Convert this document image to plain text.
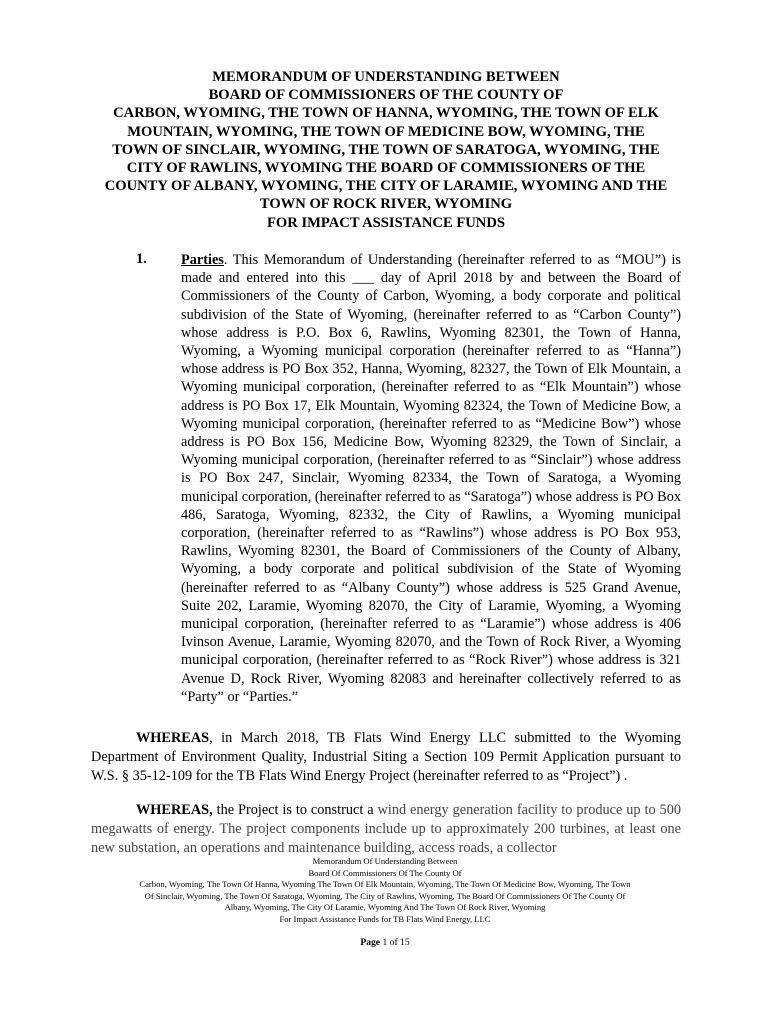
MEMORANDUM OF UNDERSTANDING BETWEEN
BOARD OF COMMISSIONERS OF THE COUNTY OF
CARBON, WYOMING, THE TOWN OF HANNA, WYOMING, THE TOWN OF ELK
MOUNTAIN, WYOMING, THE TOWN OF MEDICINE BOW, WYOMING, THE
TOWN OF SINCLAIR, WYOMING, THE TOWN OF SARATOGA, WYOMING, THE
CITY OF RAWLINS, WYOMING THE BOARD OF COMMISSIONERS OF THE
COUNTY OF ALBANY, WYOMING, THE CITY OF LARAMIE, WYOMING AND THE
TOWN OF ROCK RIVER, WYOMING
FOR IMPACT ASSISTANCE FUNDS
1. Parties. This Memorandum of Understanding (hereinafter referred to as “MOU”) is made and entered into this ___ day of April 2018 by and between the Board of Commissioners of the County of Carbon, Wyoming, a body corporate and political subdivision of the State of Wyoming, (hereinafter referred to as “Carbon County”) whose address is P.O. Box 6, Rawlins, Wyoming 82301, the Town of Hanna, Wyoming, a Wyoming municipal corporation (hereinafter referred to as “Hanna”) whose address is PO Box 352, Hanna, Wyoming, 82327, the Town of Elk Mountain, a Wyoming municipal corporation, (hereinafter referred to as “Elk Mountain”) whose address is PO Box 17, Elk Mountain, Wyoming 82324, the Town of Medicine Bow, a Wyoming municipal corporation, (hereinafter referred to as “Medicine Bow”) whose address is PO Box 156, Medicine Bow, Wyoming 82329, the Town of Sinclair, a Wyoming municipal corporation, (hereinafter referred to as “Sinclair”) whose address is PO Box 247, Sinclair, Wyoming 82334, the Town of Saratoga, a Wyoming municipal corporation, (hereinafter referred to as “Saratoga”) whose address is PO Box 486, Saratoga, Wyoming, 82332, the City of Rawlins, a Wyoming municipal corporation, (hereinafter referred to as “Rawlins”) whose address is PO Box 953, Rawlins, Wyoming 82301, the Board of Commissioners of the County of Albany, Wyoming, a body corporate and political subdivision of the State of Wyoming (hereinafter referred to as “Albany County”) whose address is 525 Grand Avenue, Suite 202, Laramie, Wyoming 82070, the City of Laramie, Wyoming, a Wyoming municipal corporation, (hereinafter referred to as “Laramie”) whose address is 406 Ivinson Avenue, Laramie, Wyoming 82070, and the Town of Rock River, a Wyoming municipal corporation, (hereinafter referred to as “Rock River”) whose address is 321 Avenue D, Rock River, Wyoming 82083 and hereinafter collectively referred to as “Party” or “Parties.”
WHEREAS, in March 2018, TB Flats Wind Energy LLC submitted to the Wyoming Department of Environment Quality, Industrial Siting a Section 109 Permit Application pursuant to W.S. § 35-12-109 for the TB Flats Wind Energy Project (hereinafter referred to as “Project”) .
WHEREAS, the Project is to construct a wind energy generation facility to produce up to 500 megawatts of energy. The project components include up to approximately 200 turbines, at least one new substation, an operations and maintenance building, access roads, a collector
Memorandum Of Understanding Between
Board Of Commissioners Of The County Of
Carbon, Wyoming, The Town Of Hanna, Wyoming The Town Of Elk Mountain, Wyoming, The Town Of Medicine Bow, Wyoming, The Town
Of Sinclair, Wyoming, The Town Of Saratoga, Wyoming, The City of Rawlins, Wyoming, The Board Of Commissioners Of The County Of
Albany, Wyoming, The City Of Laramie, Wyoming And The Town Of Rock River, Wyoming
For Impact Assistance Funds for TB Flats Wind Energy, LLC
Page 1 of 15
